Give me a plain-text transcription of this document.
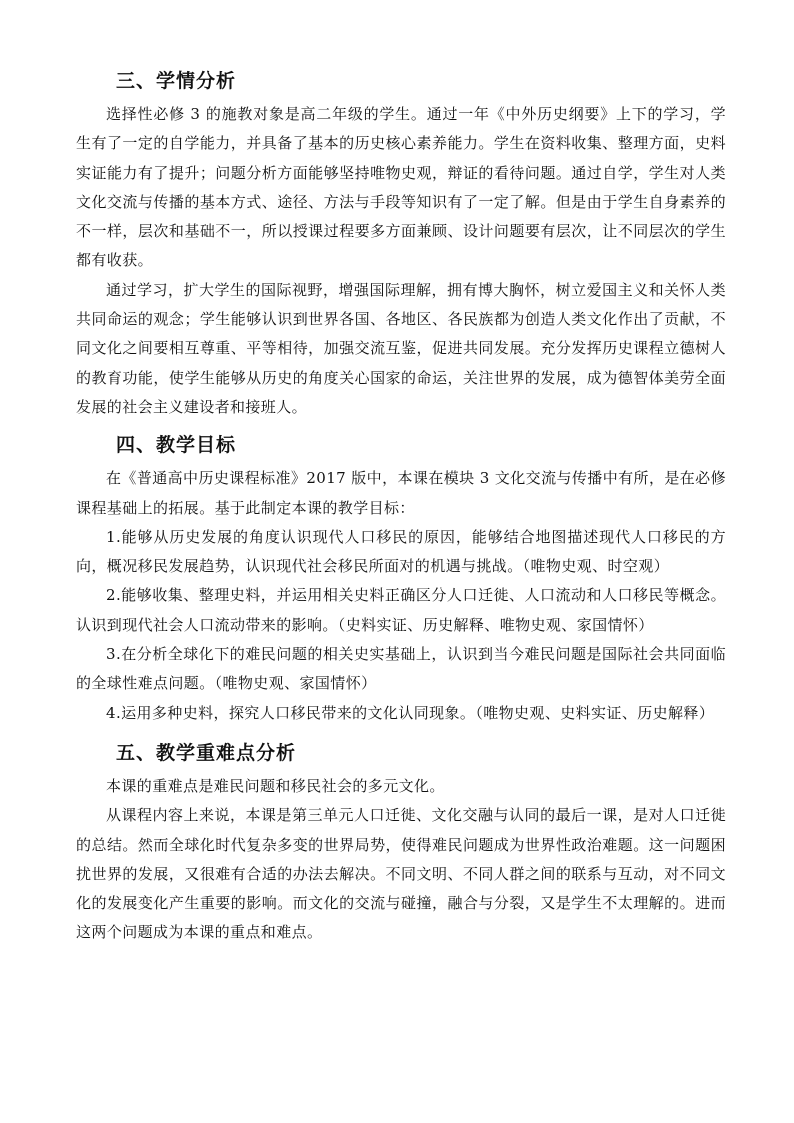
三、学情分析

选择性必修 3 的施教对象是高二年级的学生。通过一年《中外历史纲要》上下的学习，学生有了一定的自学能力，并具备了基本的历史核心素养能力。学生在资料收集、整理方面，史料实证能力有了提升；问题分析方面能够坚持唯物史观，辩证的看待问题。通过自学，学生对人类文化交流与传播的基本方式、途径、方法与手段等知识有了一定了解。但是由于学生自身素养的不一样，层次和基础不一，所以授课过程要多方面兼顾、设计问题要有层次，让不同层次的学生都有收获。

通过学习，扩大学生的国际视野，增强国际理解，拥有博大胸怀，树立爱国主义和关怀人类共同命运的观念；学生能够认识到世界各国、各地区、各民族都为创造人类文化作出了贡献，不同文化之间要相互尊重、平等相待，加强交流互鉴，促进共同发展。充分发挥历史课程立德树人的教育功能，使学生能够从历史的角度关心国家的命运，关注世界的发展，成为德智体美劳全面发展的社会主义建设者和接班人。

四、教学目标

在《普通高中历史课程标准》2017 版中，本课在模块 3 文化交流与传播中有所，是在必修课程基础上的拓展。基于此制定本课的教学目标：

1.能够从历史发展的角度认识现代人口移民的原因，能够结合地图描述现代人口移民的方向，概况移民发展趋势，认识现代社会移民所面对的机遇与挑战。（唯物史观、时空观）

2.能够收集、整理史料，并运用相关史料正确区分人口迁徙、人口流动和人口移民等概念。认识到现代社会人口流动带来的影响。（史料实证、历史解释、唯物史观、家国情怀）

3.在分析全球化下的难民问题的相关史实基础上，认识到当今难民问题是国际社会共同面临的全球性难点问题。（唯物史观、家国情怀）

4.运用多种史料，探究人口移民带来的文化认同现象。（唯物史观、史料实证、历史解释）

五、教学重难点分析

本课的重难点是难民问题和移民社会的多元文化。

从课程内容上来说，本课是第三单元人口迁徙、文化交融与认同的最后一课，是对人口迁徙的总结。然而全球化时代复杂多变的世界局势，使得难民问题成为世界性政治难题。这一问题困扰世界的发展，又很难有合适的办法去解决。不同文明、不同人群之间的联系与互动，对不同文化的发展变化产生重要的影响。而文化的交流与碰撞，融合与分裂，又是学生不太理解的。进而这两个问题成为本课的重点和难点。
